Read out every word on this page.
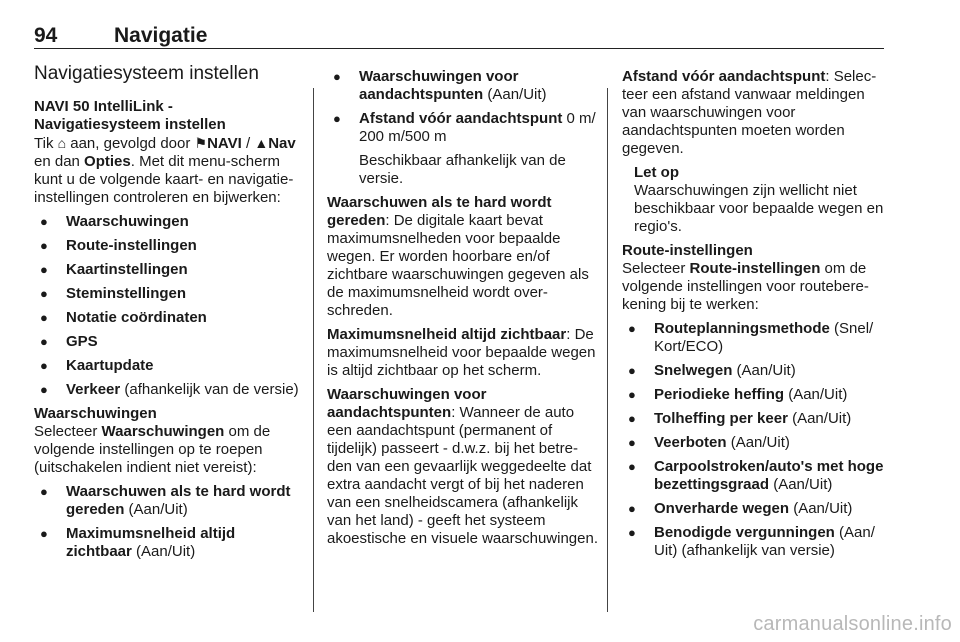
94	Navigatie
Navigatiesysteem instellen

NAVI 50 IntelliLink -

Navigatiesysteem instellen

Tik ⌂ aan, gevolgd door ⚑NAVI / ▲Nav en dan Opties. Met dit menu-scherm kunt u de volgende kaart- en navigatie-instellingen controleren en bijwerken:

● Waarschuwingen
● Route-instellingen
● Kaartinstellingen
● Steminstellingen
● Notatie coördinaten
● GPS
● Kaartupdate
● Verkeer (afhankelijk van de versie)

Waarschuwingen

Selecteer Waarschuwingen om de volgende instellingen op te roepen (uitschakelen indient niet vereist):

● Waarschuwen als te hard wordt gereden (Aan/Uit)
● Maximumsnelheid altijd zichtbaar (Aan/Uit)
● Waarschuwingen voor aandachtspunten (Aan/Uit)
● Afstand vóór aandachtspunt 0 m/ 200 m/500 m

Beschikbaar afhankelijk van de versie.

Waarschuwen als te hard wordt gereden: De digitale kaart bevat maximumsnelheden voor bepaalde wegen. Er worden hoorbare en/of zichtbare waarschuwingen gegeven als de maximumsnelheid wordt over-schreden.

Maximumsnelheid altijd zichtbaar: De maximumsnelheid voor bepaalde wegen is altijd zichtbaar op het scherm.

Waarschuwingen voor aandachtspunten: Wanneer de auto een aandachtspunt (permanent of tijdelijk) passeert - d.w.z. bij het betre-den van een gevaarlijk weggedeelte dat extra aandacht vergt of bij het naderen van een snelheidscamera (afhankelijk van het land) - geeft het systeem akoestische en visuele waarschuwingen.

Afstand vóór aandachtspunt: Selec-teer een afstand vanwaar meldingen van waarschuwingen voor aandachtspunten moeten worden gegeven.

Let op

Waarschuwingen zijn wellicht niet beschikbaar voor bepaalde wegen en regio's.

Route-instellingen

Selecteer Route-instellingen om de volgende instellingen voor routebere-kening bij te werken:

● Routeplanningsmethode (Snel/ Kort/ECO)
● Snelwegen (Aan/Uit)
● Periodieke heffing (Aan/Uit)
● Tolheffing per keer (Aan/Uit)
● Veerboten (Aan/Uit)
● Carpoolstroken/auto's met hoge bezettingsgraad (Aan/Uit)
● Onverharde wegen (Aan/Uit)
● Benodigde vergunningen (Aan/ Uit) (afhankelijk van versie)
carmanualsonline.info
